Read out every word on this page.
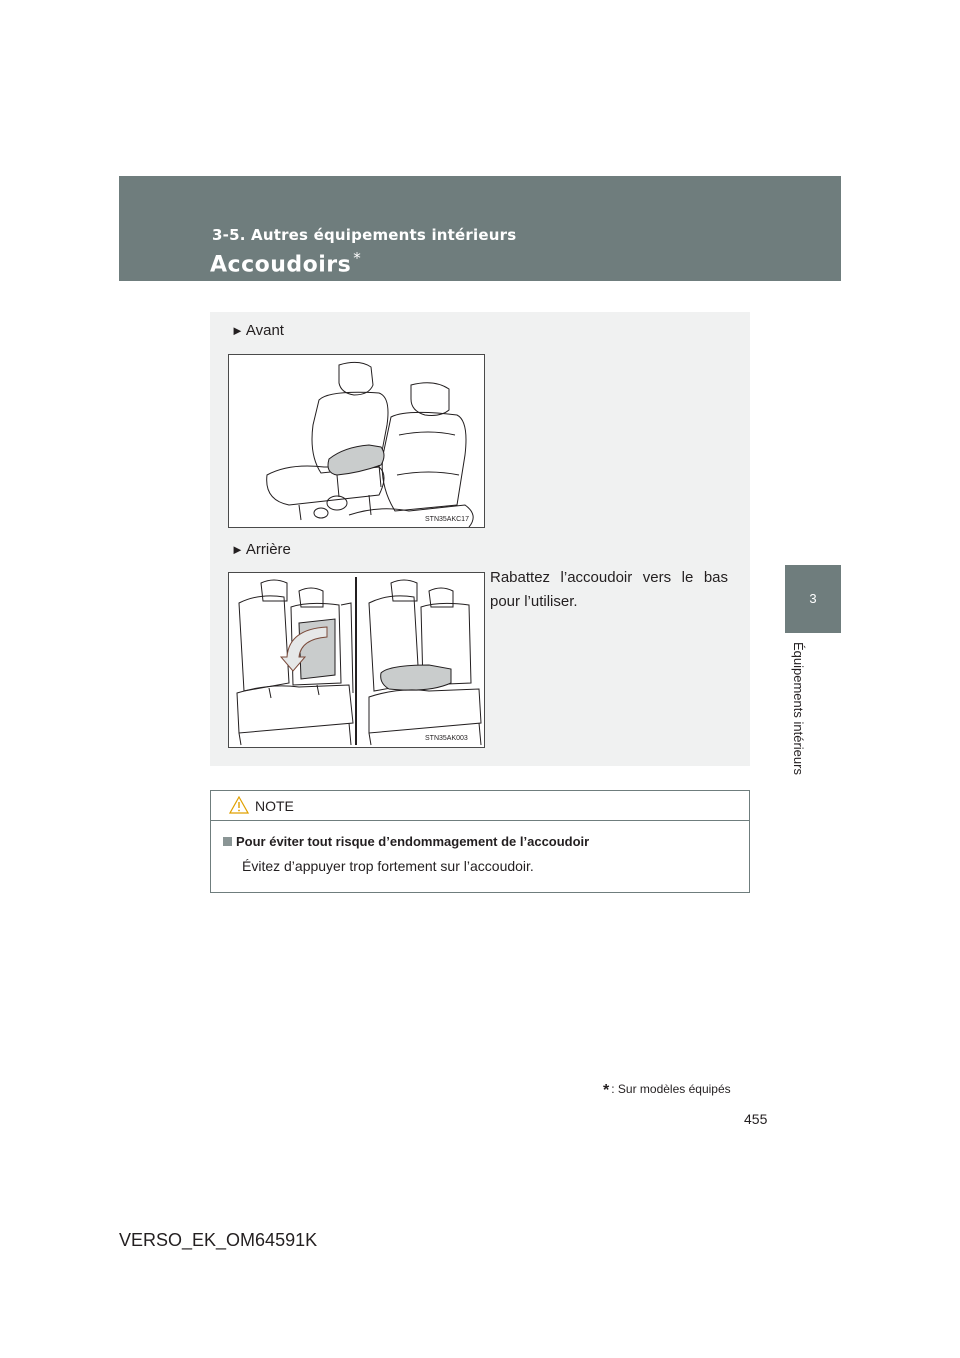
3-5. Autres équipements intérieurs
Accoudoirs *
3
Équipements intérieurs
► Avant
STN35AKC17
► Arrière
STN35AK003
Rabattez l’accoudoir vers le bas pour l’utiliser.
NOTE
Pour éviter tout risque d’endommagement de l’accoudoir
Évitez d’appuyer trop fortement sur l’accoudoir.
* : Sur modèles équipés
455
VERSO_EK_OM64591K
